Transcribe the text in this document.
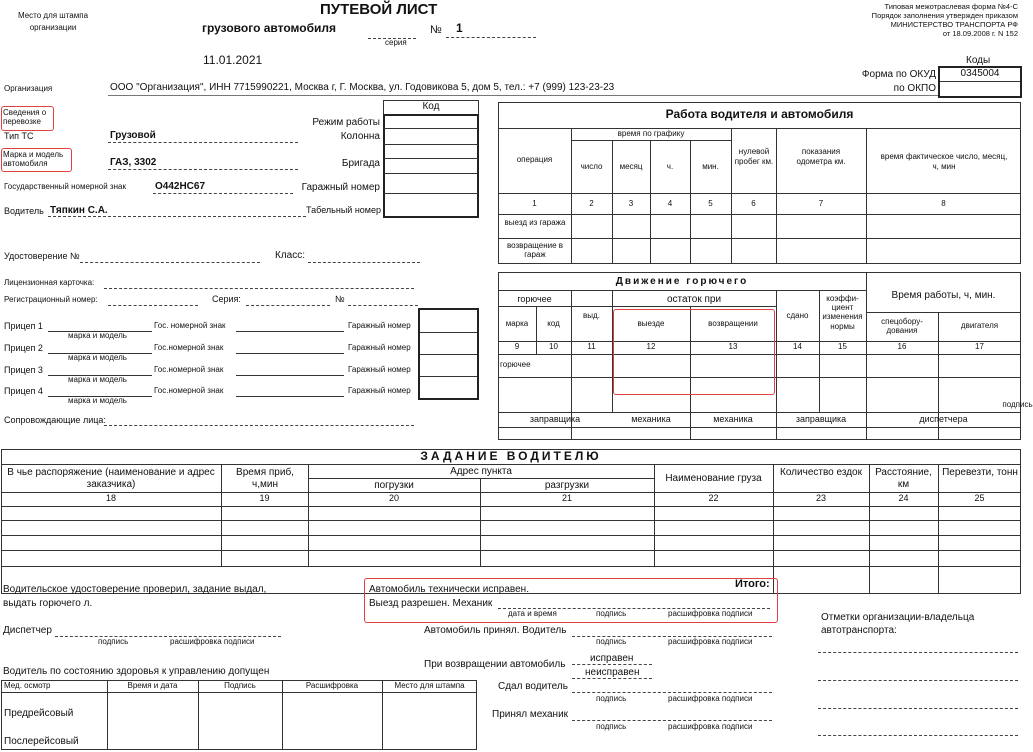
Место для штампа организации
ПУТЕВОЙ ЛИСТ
грузового автомобиля
серия
№ 1
11.01.2021
Типовая межотраслевая форма №4-С
Порядок заполнения утвержден приказом
МИНИСТЕРСТВО ТРАНСПОРТА РФ
от 18.09.2008 г. N 152
Коды
Форма по ОКУД
по ОКПО
0345004
Организация	ООО "Организация", ИНН 7715990221, Москва г, Г. Москва, ул. Годовикова 5, дом 5, тел.: +7 (999) 123-23-23
Код
Сведения о перевозке
Тип ТС	Грузовой
Марка и модель автомобиля	ГАЗ, 3302
Государственный номерной знак	О442НС67
Водитель Тяпкин С.А.
Режим работы
Колонна
Бригада
Гаражный номер
Табельный номер
Удостоверение №	Класс:
Лицензионная карточка:
Регистрационный номер:	Серия:	№
Прицеп 1
Прицеп 2
Прицеп 3
Прицеп 4
марка и модель
марка и модель
марка и модель
марка и модель
Гос. номерной знак
Гос.номерной знак
Гос.номерной знак
Гос.номерной знак
Гаражный номер
Гаражный номер
Гаражный номер
Гаражный номер
Сопровождающие лица:
Работа водителя и автомобиля
операция
время по графику
число	месяц	ч.	мин.
нулевой пробег км.
показания одометра км.
время фактическое число, месяц, ч, мин
1	2	3	4	5	6	7	8
выезд из гаража
возвращение в гараж
Движение горючего
Время работы, ч, мин.
горючее
марка	код
выд.
остаток при
выезде	возвращении
сдано
коэффи- циент изменения нормы
спецобору- дования
двигателя
9	10	11	12	13	14	15	16	17
горючее
подпись
заправщика	механика	механика	заправщика	диспетчера
ЗАДАНИЕ ВОДИТЕЛЮ
В чье распоряжение (наименование и адрес заказчика)
Время приб, ч,мин
Адрес пункта
погрузки	разгрузки
Наименование груза
Количество ездок	Расстояние, км
Перевезти, тонн
18	19	20	21	22	23	24	25
Итого:
Водительское удостоверение проверил, задание выдал,
выдать горючего л.
Автомобиль технически исправен.
Выезд разрешен. Механик
дата и время	подпись	расшифровка подписи
Диспетчер
подпись	расшифровка подписи
Автомобиль принял. Водитель
подпись	расшифровка подписи
При возвращении автомобиль
исправен
неисправен
Сдал водитель
подпись	расшифровка подписи
Принял механик
подпись	расшифровка подписи
Отметки организации-владельца автотранспорта:
Водитель по состоянию здоровья к управлению допущен
Мед. осмотр	Время и дата	Подпись	Расшифровка	Место для штампа
Предрейсовый
Послерейсовый
